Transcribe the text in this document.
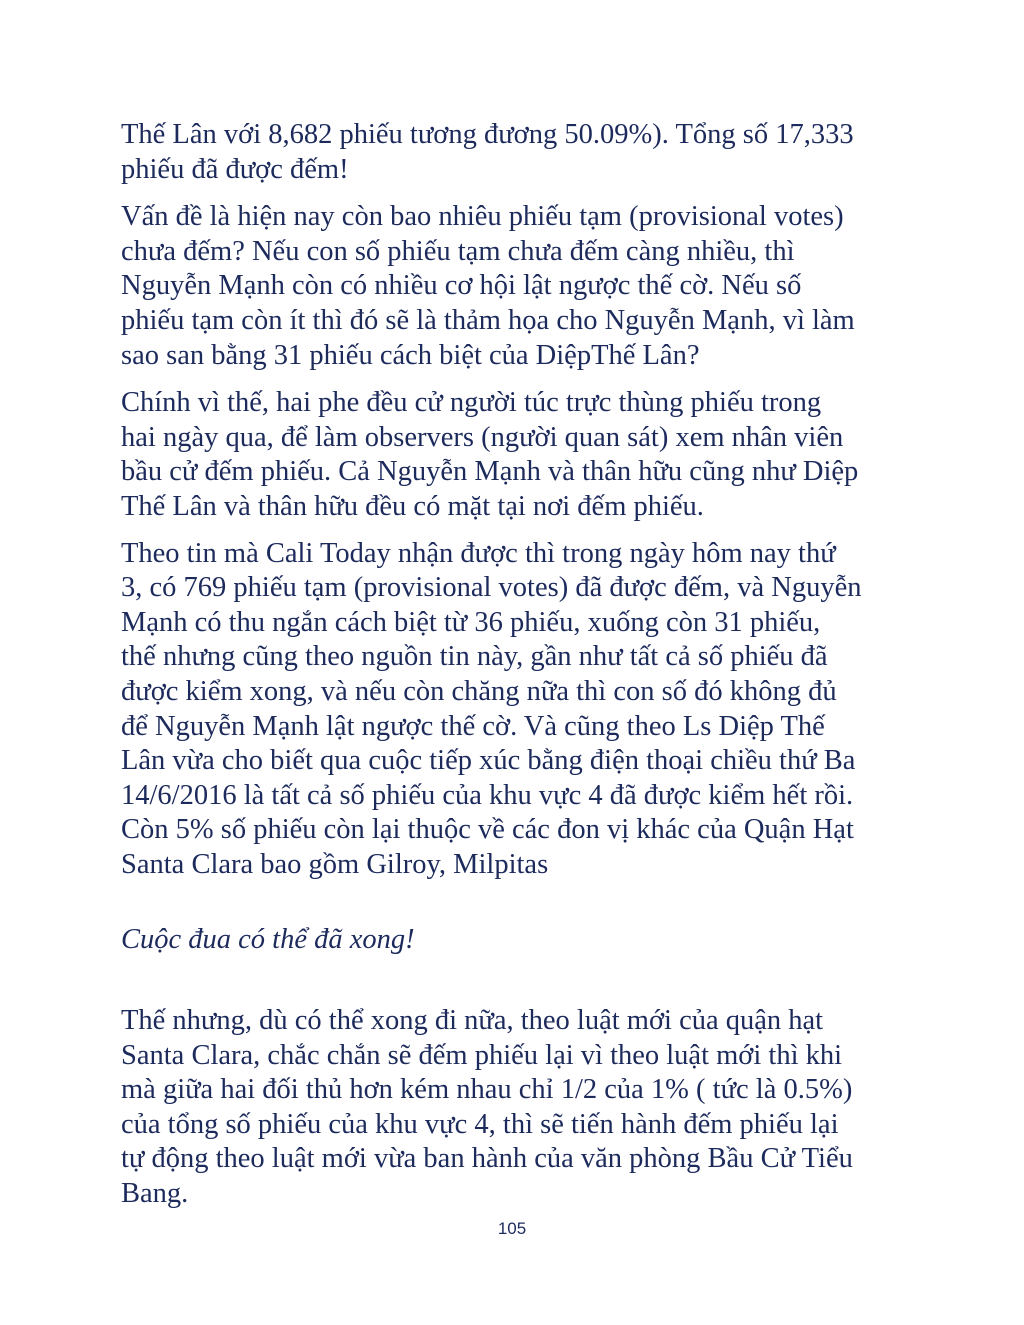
Thế Lân với 8,682 phiếu tương đương 50.09%). Tổng số 17,333
phiếu đã được đếm!

Vấn đề là hiện nay còn bao nhiêu phiếu tạm (provisional votes)
chưa đếm? Nếu con số phiếu tạm chưa đếm càng nhiều, thì
Nguyễn Mạnh còn có nhiều cơ hội lật ngược thế cờ. Nếu số
phiếu tạm còn ít thì đó sẽ là thảm họa cho Nguyễn Mạnh, vì làm
sao san bằng 31 phiếu cách biệt của DiệpThế Lân?

Chính vì thế, hai phe đều cử người túc trực thùng phiếu trong
hai ngày qua, để làm observers (người quan sát) xem nhân viên
bầu cử đếm phiếu. Cả Nguyễn Mạnh và thân hữu cũng như Diệp
Thế Lân và thân hữu đều có mặt tại nơi đếm phiếu.

Theo tin mà Cali Today nhận được thì trong ngày hôm nay thứ
3, có 769 phiếu tạm (provisional votes) đã được đếm, và Nguyễn
Mạnh có thu ngắn cách biệt từ 36 phiếu, xuống còn 31 phiếu,
thế nhưng cũng theo nguồn tin này, gần như tất cả số phiếu đã
được kiểm xong, và nếu còn chăng nữa thì con số đó không đủ
để Nguyễn Mạnh lật ngược thế cờ. Và cũng theo Ls Diệp Thế
Lân vừa cho biết qua cuộc tiếp xúc bằng điện thoại chiều thứ Ba
14/6/2016 là tất cả số phiếu của khu vực 4 đã được kiểm hết rồi.
Còn 5% số phiếu còn lại thuộc về các đon vị khác của Quận Hạt
Santa Clara bao gồm Gilroy, Milpitas

Cuộc đua có thể đã xong!

Thế nhưng, dù có thể xong đi nữa, theo luật mới của quận hạt
Santa Clara, chắc chắn sẽ đếm phiếu lại vì theo luật mới thì khi
mà giữa hai đối thủ hơn kém nhau chỉ 1/2 của 1% ( tức là 0.5%)
của tổng số phiếu của khu vực 4, thì sẽ tiến hành đếm phiếu lại
tự động theo luật mới vừa ban hành của văn phòng Bầu Cử Tiểu
Bang.

105
